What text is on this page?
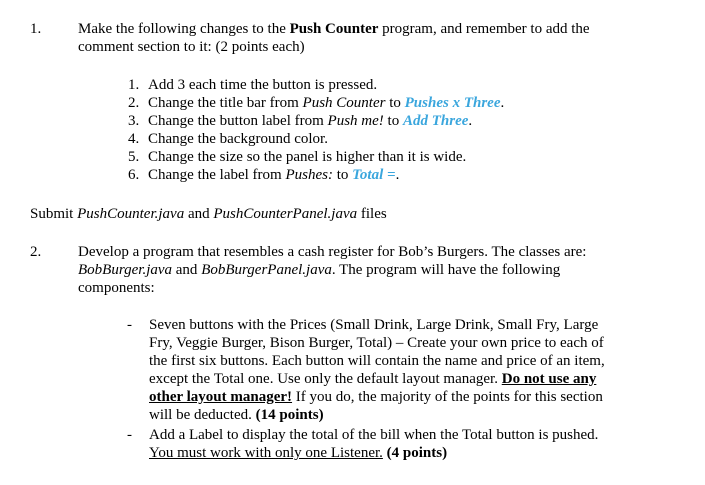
1. Make the following changes to the Push Counter program, and remember to add the
comment section to it: (2 points each)
1. Add 3 each time the button is pressed.
2. Change the title bar from Push Counter to Pushes x Three.
3. Change the button label from Push me! to Add Three.
4. Change the background color.
5. Change the size so the panel is higher than it is wide.
6. Change the label from Pushes: to Total =.
Submit PushCounter.java and PushCounterPanel.java files
2. Develop a program that resembles a cash register for Bob’s Burgers. The classes are:
BobBurger.java and BobBurgerPanel.java. The program will have the following
components:
- Seven buttons with the Prices (Small Drink, Large Drink, Small Fry, Large
Fry, Veggie Burger, Bison Burger, Total) – Create your own price to each of
the first six buttons. Each button will contain the name and price of an item,
except the Total one. Use only the default layout manager. Do not use any
other layout manager! If you do, the majority of the points for this section
will be deducted. (14 points)
- Add a Label to display the total of the bill when the Total button is pushed.
You must work with only one Listener. (4 points)
